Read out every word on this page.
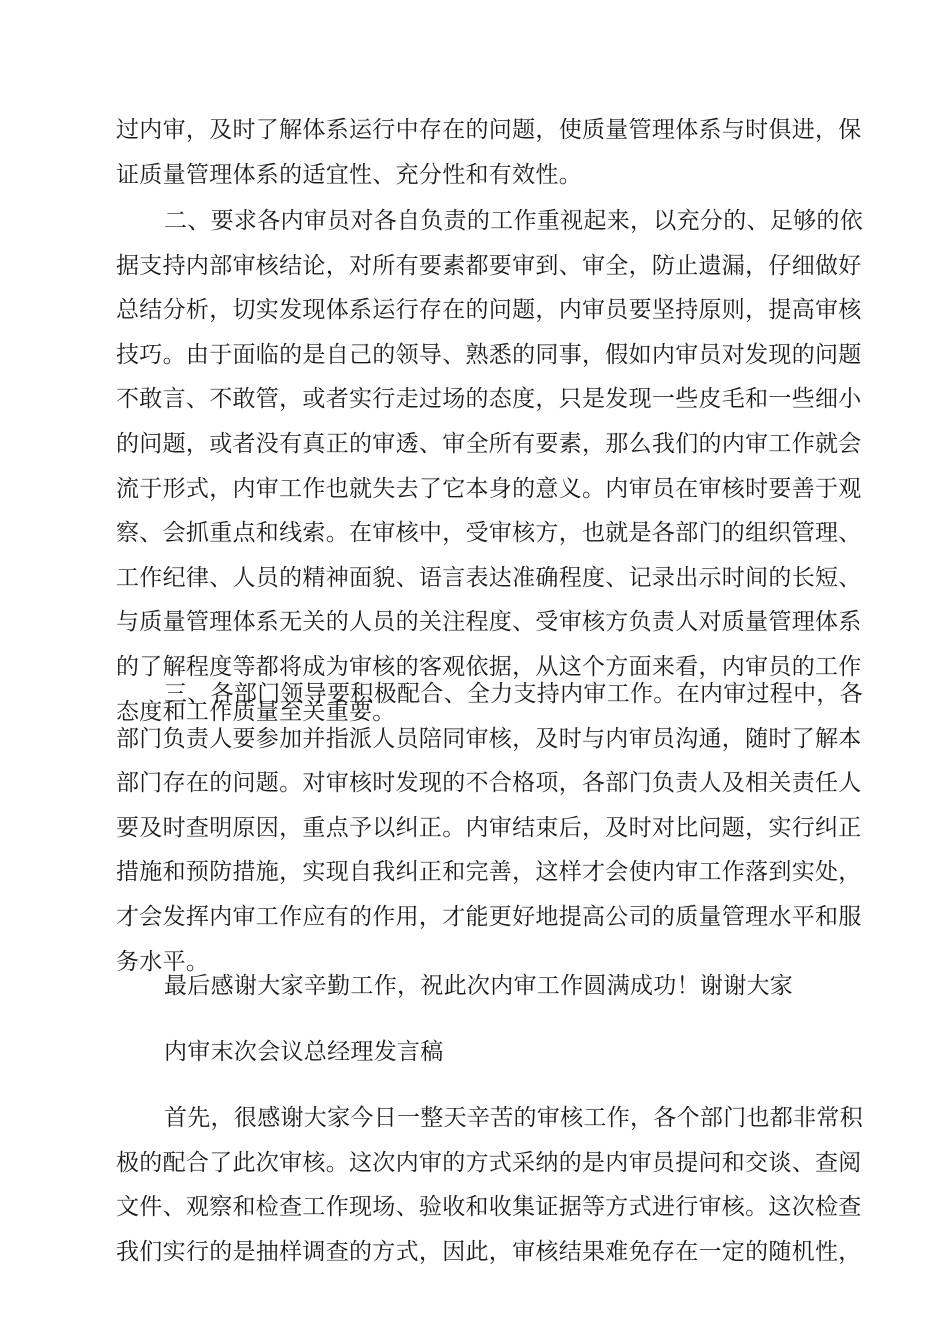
过内审，及时了解体系运行中存在的问题，使质量管理体系与时俱进，保
证质量管理体系的适宜性、充分性和有效性。
二、要求各内审员对各自负责的工作重视起来，以充分的、足够的依
据支持内部审核结论，对所有要素都要审到、审全，防止遗漏，仔细做好
总结分析，切实发现体系运行存在的问题，内审员要坚持原则，提高审核
技巧。由于面临的是自己的领导、熟悉的同事，假如内审员对发现的问题
不敢言、不敢管，或者实行走过场的态度，只是发现一些皮毛和一些细小
的问题，或者没有真正的审透、审全所有要素，那么我们的内审工作就会
流于形式，内审工作也就失去了它本身的意义。内审员在审核时要善于观
察、会抓重点和线索。在审核中，受审核方，也就是各部门的组织管理、
工作纪律、人员的精神面貌、语言表达准确程度、记录出示时间的长短、
与质量管理体系无关的人员的关注程度、受审核方负责人对质量管理体系
的了解程度等都将成为审核的客观依据，从这个方面来看，内审员的工作
态度和工作质量至关重要。
三、各部门领导要积极配合、全力支持内审工作。在内审过程中，各
部门负责人要参加并指派人员陪同审核，及时与内审员沟通，随时了解本
部门存在的问题。对审核时发现的不合格项，各部门负责人及相关责任人
要及时查明原因，重点予以纠正。内审结束后，及时对比问题，实行纠正
措施和预防措施，实现自我纠正和完善，这样才会使内审工作落到实处，
才会发挥内审工作应有的作用，才能更好地提高公司的质量管理水平和服
务水平。
最后感谢大家辛勤工作，祝此次内审工作圆满成功！谢谢大家
内审末次会议总经理发言稿
首先，很感谢大家今日一整天辛苦的审核工作，各个部门也都非常积
极的配合了此次审核。这次内审的方式采纳的是内审员提问和交谈、查阅
文件、观察和检查工作现场、验收和收集证据等方式进行审核。这次检查
我们实行的是抽样调查的方式，因此，审核结果难免存在一定的随机性，
